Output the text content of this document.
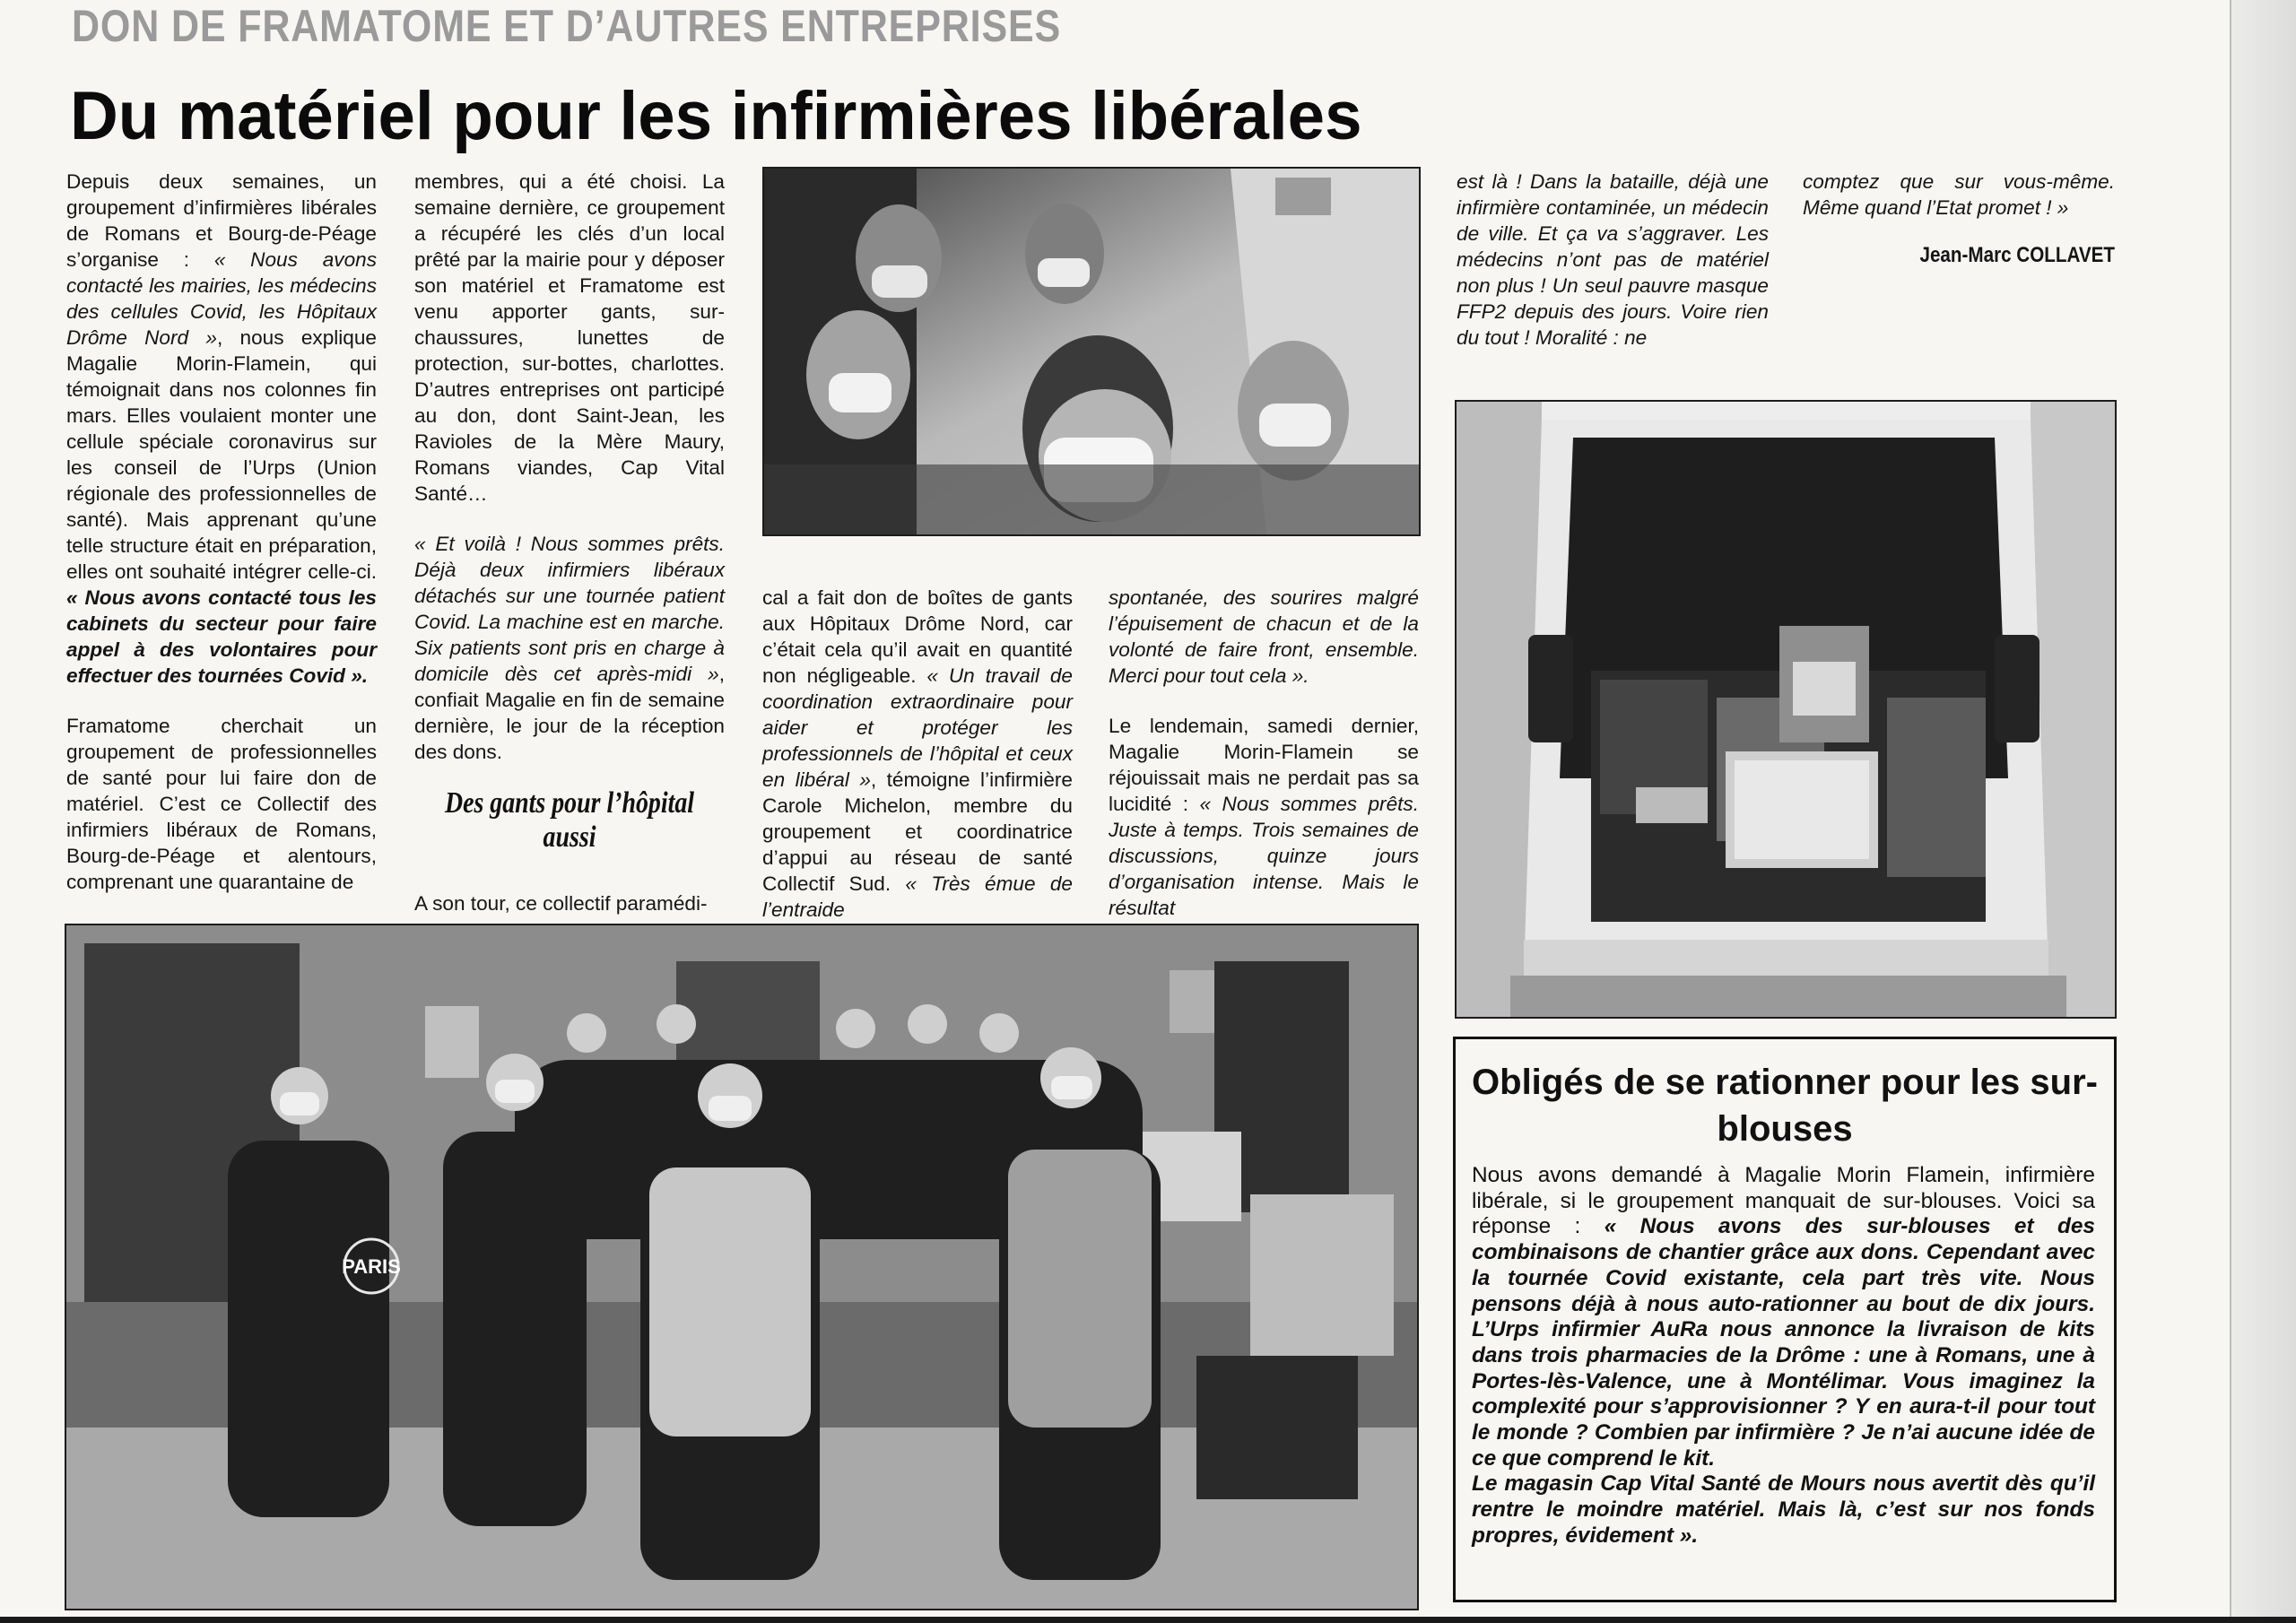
DON DE FRAMATOME ET D’AUTRES ENTREPRISES
Du matériel pour les infirmières libérales

Depuis deux semaines, un groupement d’infirmières libérales de Romans et Bourg-de-Péage s’organise : « Nous avons contacté les mairies, les médecins des cellules Covid, les Hôpitaux Drôme Nord », nous explique Magalie Morin-Flamein, qui témoignait dans nos colonnes fin mars. Elles voulaient monter une cellule spéciale coronavirus sur les conseil de l’Urps (Union régionale des professionnelles de santé). Mais apprenant qu’une telle structure était en préparation, elles ont souhaité intégrer celle-ci. « Nous avons contacté tous les cabinets du secteur pour faire appel à des volontaires pour effectuer des tournées Covid ».

Framatome cherchait un groupement de professionnelles de santé pour lui faire don de matériel. C’est ce Collectif des infirmiers libéraux de Romans, Bourg-de-Péage et alentours, comprenant une quarantaine de

membres, qui a été choisi. La semaine dernière, ce groupement a récupéré les clés d’un local prêté par la mairie pour y déposer son matériel et Framatome est venu apporter gants, sur-chaussures, lunettes de protection, sur-bottes, charlottes. D’autres entreprises ont participé au don, dont Saint-Jean, les Ravioles de la Mère Maury, Romans viandes, Cap Vital Santé…

« Et voilà ! Nous sommes prêts. Déjà deux infirmiers libéraux détachés sur une tournée patient Covid. La machine est en marche. Six patients sont pris en charge à domicile dès cet après-midi », confiait Magalie en fin de semaine dernière, le jour de la réception des dons.

Des gants pour l’hôpital aussi

A son tour, ce collectif paramédi-

cal a fait don de boîtes de gants aux Hôpitaux Drôme Nord, car c’était cela qu’il avait en quantité non négligeable. « Un travail de coordination extraordinaire pour aider et protéger les professionnels de l’hôpital et ceux en libéral », témoigne l’infirmière Carole Michelon, membre du groupement et coordinatrice d’appui au réseau de santé Collectif Sud. « Très émue de l’entraide

spontanée, des sourires malgré l’épuisement de chacun et de la volonté de faire front, ensemble. Merci pour tout cela ».

Le lendemain, samedi dernier, Magalie Morin-Flamein se réjouissait mais ne perdait pas sa lucidité : « Nous sommes prêts. Juste à temps. Trois semaines de discussions, quinze jours d’organisation intense. Mais le résultat

est là ! Dans la bataille, déjà une infirmière contaminée, un médecin de ville. Et ça va s’aggraver. Les médecins n’ont pas de matériel non plus ! Un seul pauvre masque FFP2 depuis des jours. Voire rien du tout ! Moralité : ne

comptez que sur vous-même. Même quand l’Etat promet ! »

Jean-Marc COLLAVET
PARIS
Obligés de se rationner pour les sur-blouses
Nous avons demandé à Magalie Morin Flamein, infirmière libérale, si le groupement manquait de sur-blouses. Voici sa réponse : « Nous avons des sur-blouses et des combinaisons de chantier grâce aux dons. Cependant avec la tournée Covid existante, cela part très vite. Nous pensons déjà à nous auto-rationner au bout de dix jours. L’Urps infirmier AuRa nous annonce la livraison de kits dans trois pharmacies de la Drôme : une à Romans, une à Portes-lès-Valence, une à Montélimar. Vous imaginez la complexité pour s’approvisionner ? Y en aura-t-il pour tout le monde ? Combien par infirmière ? Je n’ai aucune idée de ce que comprend le kit.
Le magasin Cap Vital Santé de Mours nous avertit dès qu’il rentre le moindre matériel. Mais là, c’est sur nos fonds propres, évidement ».
